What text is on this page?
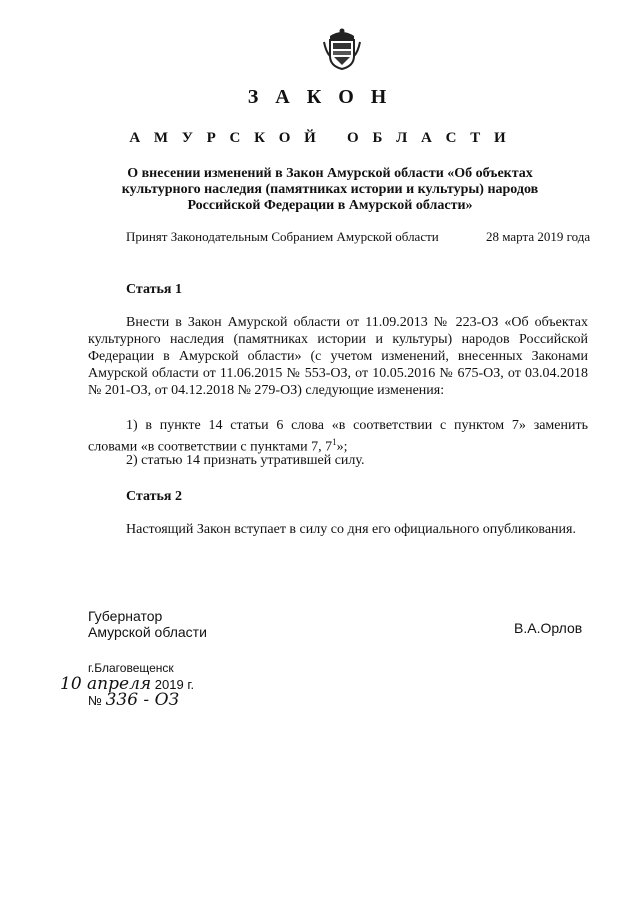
З А К О Н
А М У Р С К О Й   О Б Л А С Т И
О внесении изменений в Закон Амурской области «Об объектах культурного наследия (памятниках истории и культуры) народов Российской Федерации в Амурской области»
Принят Законодательным Собранием Амурской области	28 марта 2019 года
Статья 1
Внести в Закон Амурской области от 11.09.2013 № 223-ОЗ «Об объектах культурного наследия (памятниках истории и культуры) народов Российской Федерации в Амурской области» (с учетом изменений, внесенных Законами Амурской области от 11.06.2015 № 553-ОЗ, от 10.05.2016 № 675-ОЗ, от 03.04.2018 № 201-ОЗ, от 04.12.2018 № 279-ОЗ) следующие изменения:
1) в пункте 14 статьи 6 слова «в соответствии с пунктом 7» заменить словами «в соответствии с пунктами 7, $7^1$»;
2) статью 14 признать утратившей силу.
Статья 2
Настоящий Закон вступает в силу со дня его официального опубликования.
Губернатор
Амурской области	В.А.Орлов
г.Благовещенск
10 апреля 2019 г.
№ 336 - ОЗ
